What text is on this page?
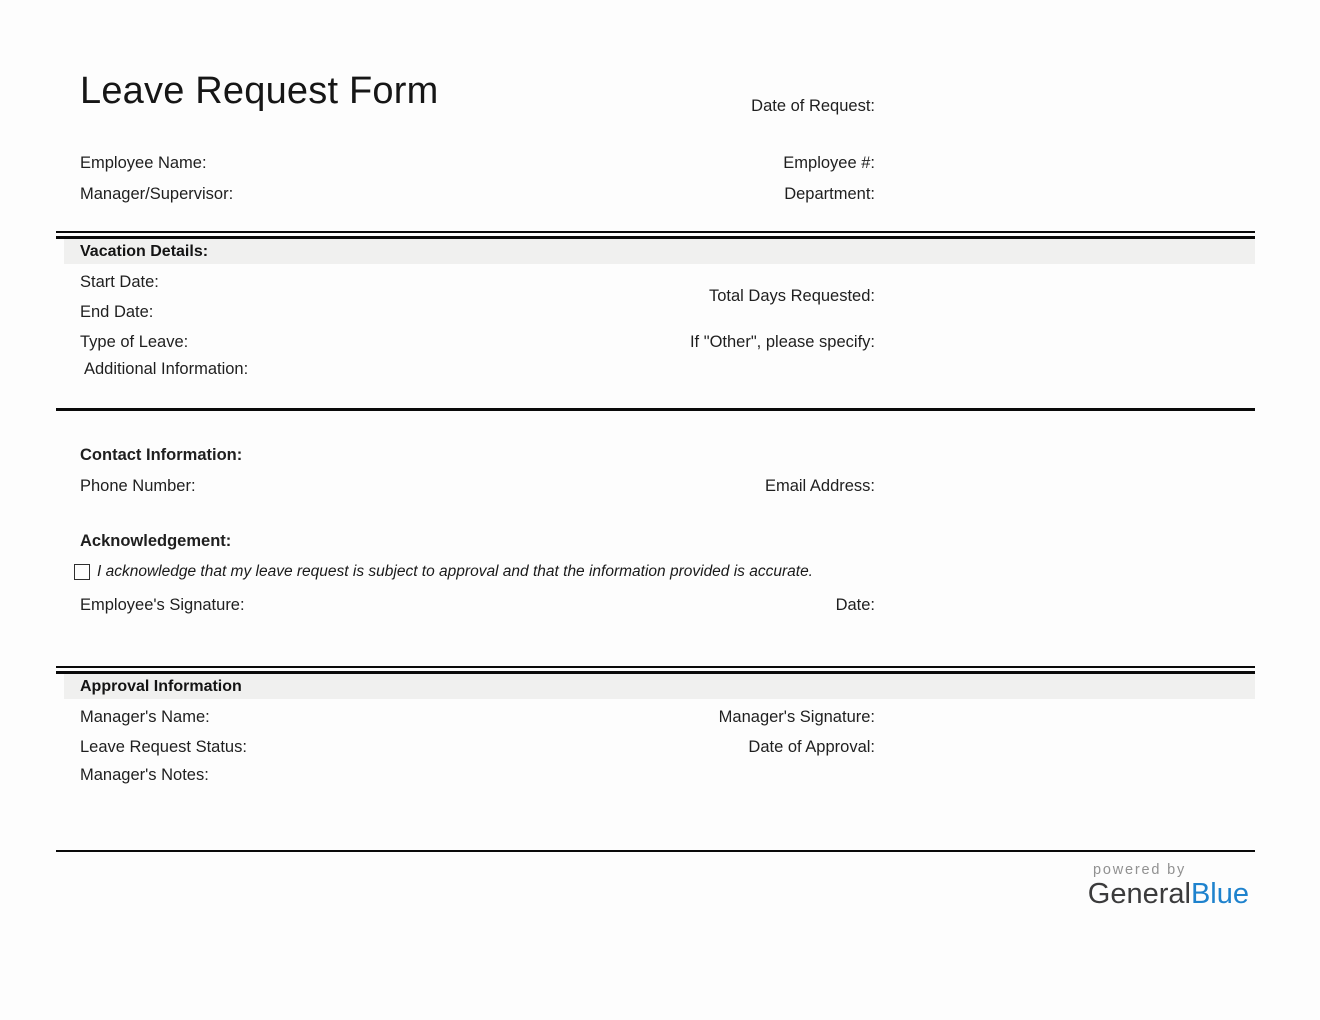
Leave Request Form	Date of Request:
Employee Name:	Employee #:
Manager/Supervisor:	Department:
Vacation Details:
Start Date:
Total Days Requested:
End Date:
Type of Leave:	If "Other", please specify:
Additional Information:
Contact Information:
Phone Number:	Email Address:
Acknowledgement:
I acknowledge that my leave request is subject to approval and that the information provided is accurate.
Employee's Signature:	Date:
Approval Information
Manager's Name:	Manager's Signature:
Leave Request Status:	Date of Approval:
Manager's Notes:
powered by
GeneralBlue
